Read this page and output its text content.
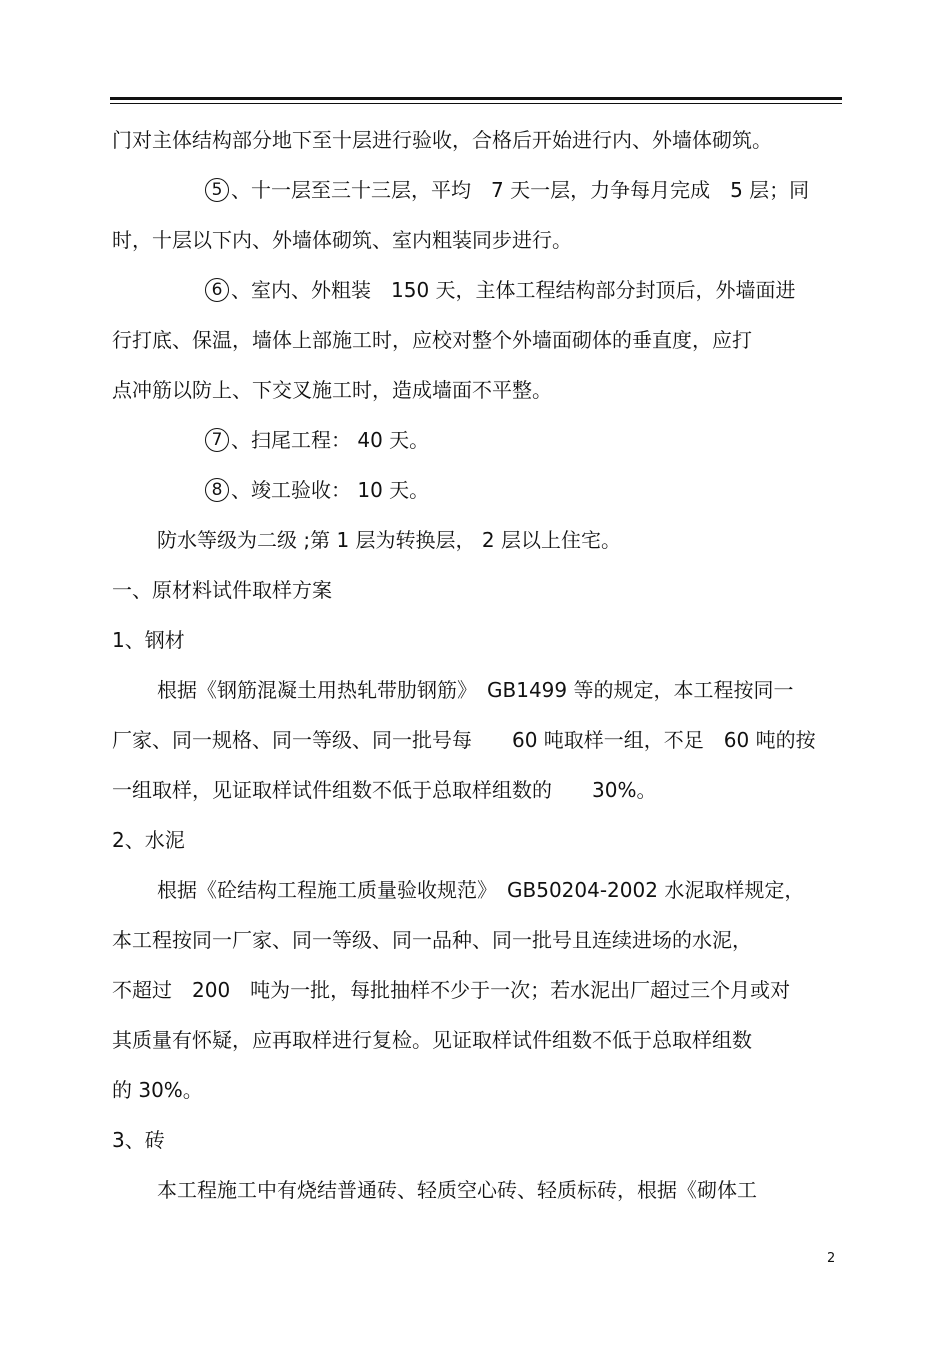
门对主体结构部分地下至十层进行验收，合格后开始进行内、外墙体砌筑。
5 、十一层至三十三层，平均　7 天一层，力争每月完成　5 层；同
时，十层以下内、外墙体砌筑、室内粗装同步进行。
6 、室内、外粗装　150 天，主体工程结构部分封顶后，外墙面进
行打底、保温，墙体上部施工时，应校对整个外墙面砌体的垂直度，应打
点冲筋以防上、下交叉施工时，造成墙面不平整。
7 、扫尾工程： 40 天。
8 、竣工验收： 10 天。
防水等级为二级 ;第 1 层为转换层， 2 层以上住宅。
一、原材料试件取样方案
1、钢材
根据《钢筋混凝土用热轧带肋钢筋》　GB1499 等的规定，本工程按同一
厂家、同一规格、同一等级、同一批号每　　60 吨取样一组，不足　60 吨的按
一组取样，见证取样试件组数不低于总取样组数的　　30%。
2、水泥
根据《砼结构工程施工质量验收规范》　GB50204-2002 水泥取样规定，
本工程按同一厂家、同一等级、同一品种、同一批号且连续进场的水泥，
不超过　200　吨为一批，每批抽样不少于一次；若水泥出厂超过三个月或对
其质量有怀疑，应再取样进行复检。见证取样试件组数不低于总取样组数
的 30%。
3、砖
本工程施工中有烧结普通砖、轻质空心砖、轻质标砖，根据《砌体工
2
